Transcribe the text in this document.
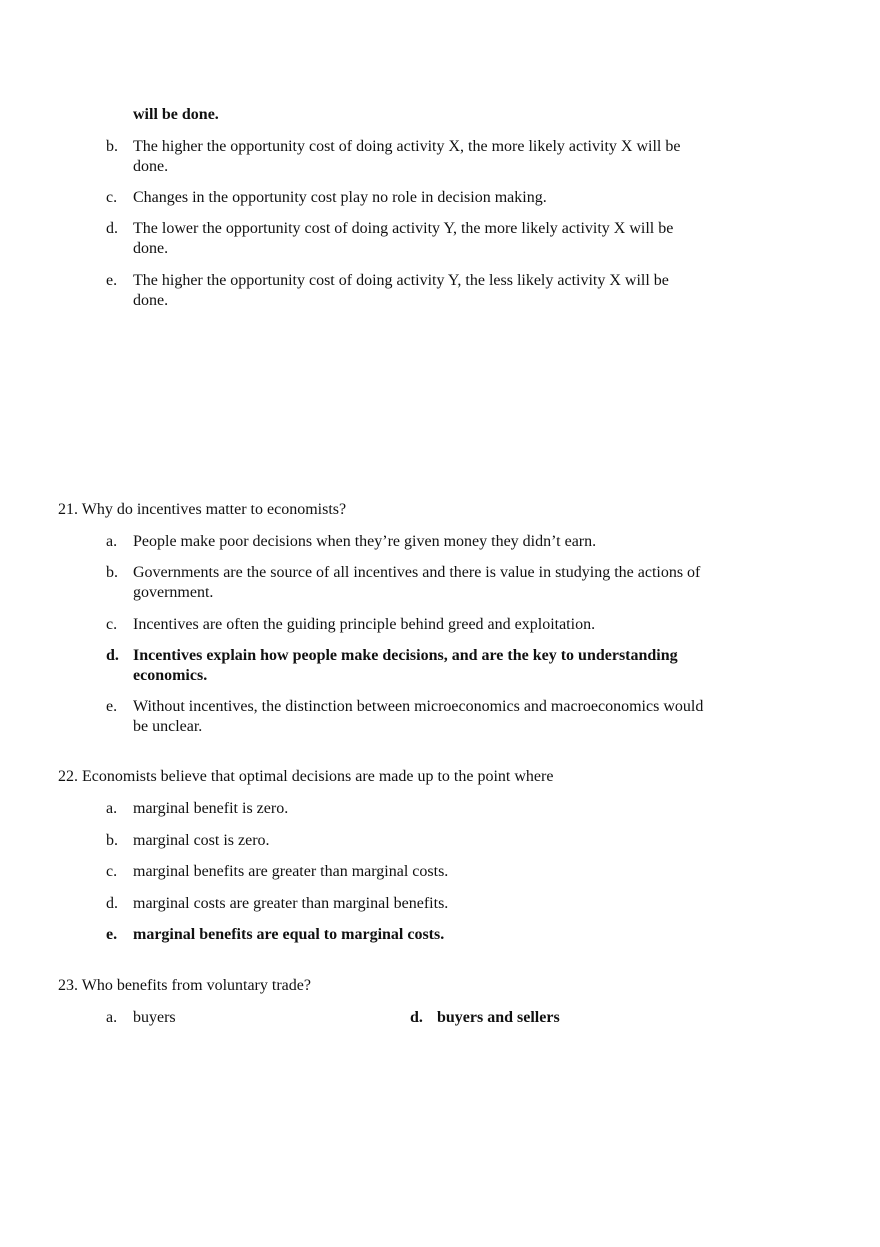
will be done.
b. The higher the opportunity cost of doing activity X, the more likely activity X will be done.
c. Changes in the opportunity cost play no role in decision making.
d. The lower the opportunity cost of doing activity Y, the more likely activity X will be done.
e. The higher the opportunity cost of doing activity Y, the less likely activity X will be done.
21. Why do incentives matter to economists?
a. People make poor decisions when they’re given money they didn’t earn.
b. Governments are the source of all incentives and there is value in studying the actions of government.
c. Incentives are often the guiding principle behind greed and exploitation.
d. Incentives explain how people make decisions, and are the key to understanding economics.
e. Without incentives, the distinction between microeconomics and macroeconomics would be unclear.
22. Economists believe that optimal decisions are made up to the point where
a. marginal benefit is zero.
b. marginal cost is zero.
c. marginal benefits are greater than marginal costs.
d. marginal costs are greater than marginal benefits.
e. marginal benefits are equal to marginal costs.
23. Who benefits from voluntary trade?
a. buyers	d. buyers and sellers
